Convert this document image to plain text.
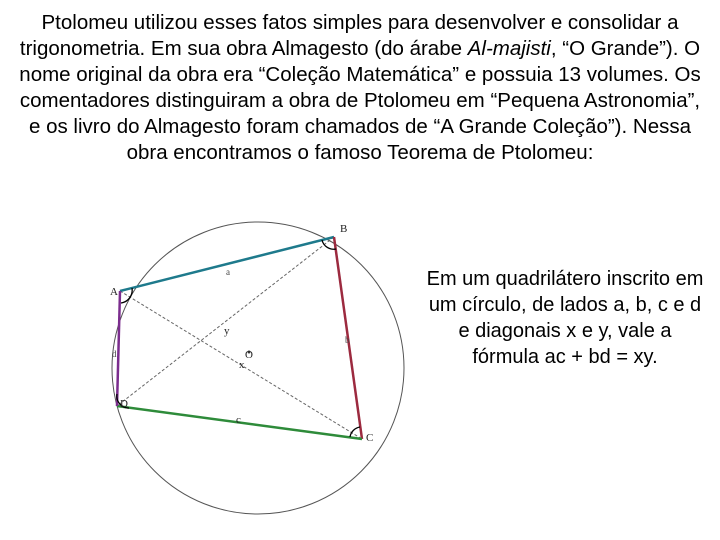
Ptolomeu utilizou esses fatos simples para desenvolver e consolidar a trigonometria. Em sua obra Almagesto (do árabe Al-majisti, “O Grande”). O nome original da obra era “Coleção Matemática” e possuia 13 volumes. Os comentadores distinguiram a obra de Ptolomeu em “Pequena Astronomia”, e os livro do Almagesto foram chamados de “A Grande Coleção”). Nessa obra encontramos o famoso Teorema de Ptolomeu:

A
B
C
D
a
b
c
d
x
y
O

Em um quadrilátero inscrito em um círculo, de lados a, b, c e d e diagonais x e y, vale a fórmula ac + bd = xy.
